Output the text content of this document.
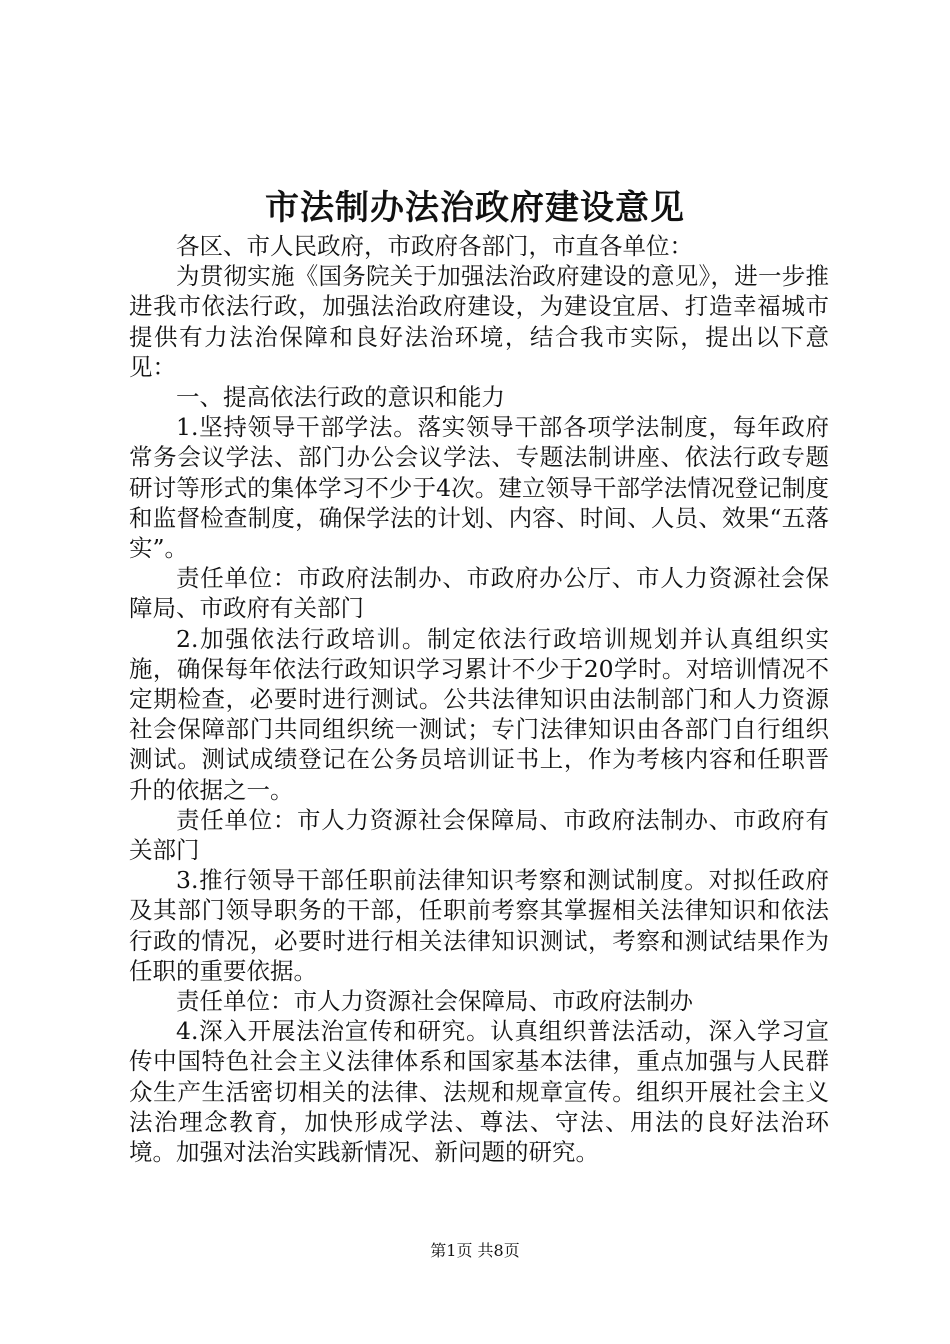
市法制办法治政府建设意见

各区、市人民政府，市政府各部门，市直各单位：

为贯彻实施《国务院关于加强法治政府建设的意见》，进一步推进我市依法行政，加强法治政府建设，为建设宜居、打造幸福城市提供有力法治保障和良好法治环境，结合我市实际，提出以下意见：

一、提高依法行政的意识和能力

1.坚持领导干部学法。落实领导干部各项学法制度，每年政府常务会议学法、部门办公会议学法、专题法制讲座、依法行政专题研讨等形式的集体学习不少于4次。建立领导干部学法情况登记制度和监督检查制度，确保学法的计划、内容、时间、人员、效果“五落实”。

责任单位：市政府法制办、市政府办公厅、市人力资源社会保障局、市政府有关部门

2.加强依法行政培训。制定依法行政培训规划并认真组织实施，确保每年依法行政知识学习累计不少于20学时。对培训情况不定期检查，必要时进行测试。公共法律知识由法制部门和人力资源社会保障部门共同组织统一测试；专门法律知识由各部门自行组织测试。测试成绩登记在公务员培训证书上，作为考核内容和任职晋升的依据之一。

责任单位：市人力资源社会保障局、市政府法制办、市政府有关部门

3.推行领导干部任职前法律知识考察和测试制度。对拟任政府及其部门领导职务的干部，任职前考察其掌握相关法律知识和依法行政的情况，必要时进行相关法律知识测试，考察和测试结果作为任职的重要依据。

责任单位：市人力资源社会保障局、市政府法制办

4.深入开展法治宣传和研究。认真组织普法活动，深入学习宣传中国特色社会主义法律体系和国家基本法律，重点加强与人民群众生产生活密切相关的法律、法规和规章宣传。组织开展社会主义法治理念教育，加快形成学法、尊法、守法、用法的良好法治环境。加强对法治实践新情况、新问题的研究。

第1页 共8页
